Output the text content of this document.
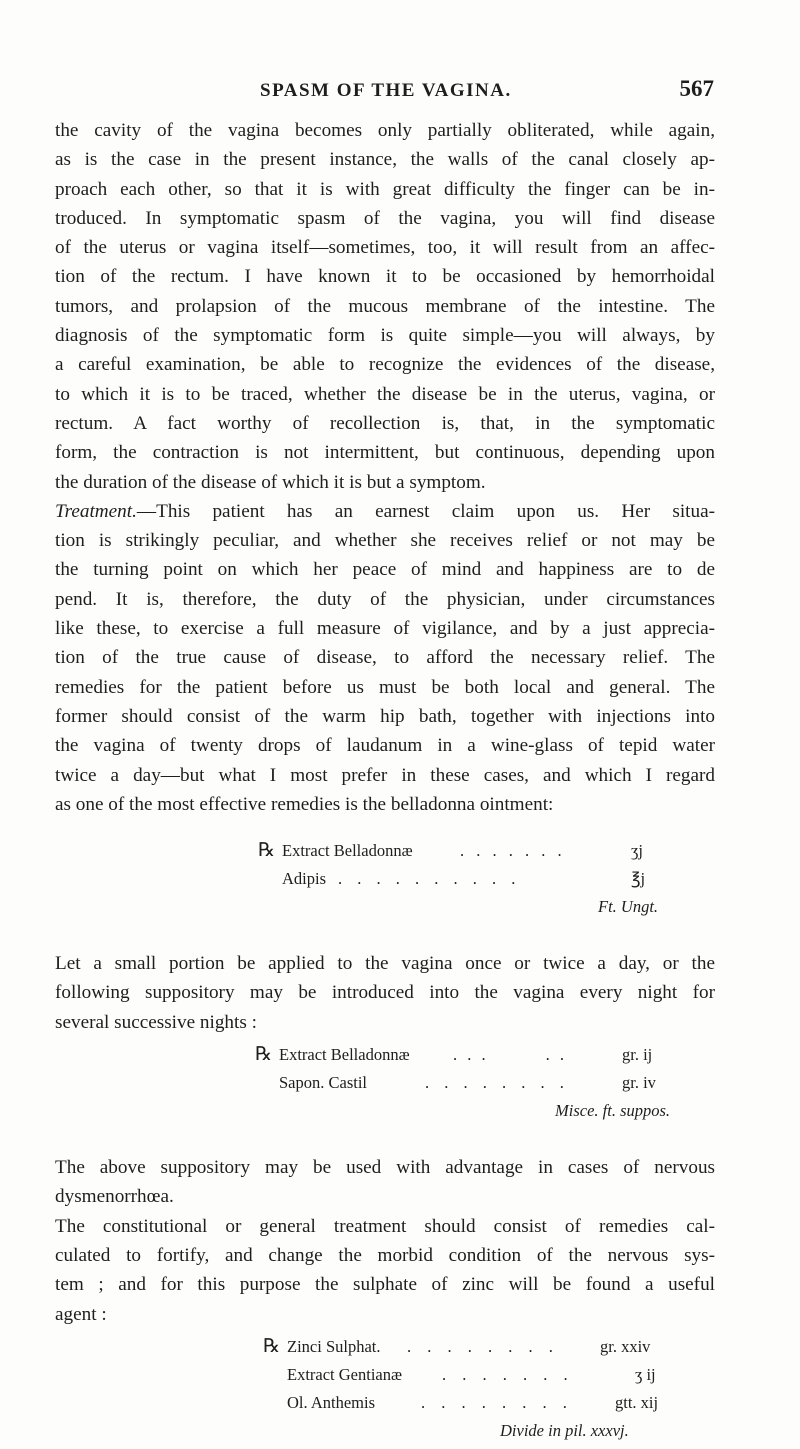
SPASM OF THE VAGINA.	567
the cavity of the vagina becomes only partially obliterated, while again,
as is the case in the present instance, the walls of the canal closely ap-
proach each other, so that it is with great difficulty the finger can be in-
troduced. In symptomatic spasm of the vagina, you will find disease
of the uterus or vagina itself—sometimes, too, it will result from an affec-
tion of the rectum. I have known it to be occasioned by hemorrhoidal
tumors, and prolapsion of the mucous membrane of the intestine. The
diagnosis of the symptomatic form is quite simple—you will always, by
a careful examination, be able to recognize the evidences of the disease,
to which it is to be traced, whether the disease be in the uterus, vagina, or
rectum. A fact worthy of recollection is, that, in the symptomatic
form, the contraction is not intermittent, but continuous, depending upon
the duration of the disease of which it is but a symptom.
Treatment.—This patient has an earnest claim upon us. Her situa-
tion is strikingly peculiar, and whether she receives relief or not may be
the turning point on which her peace of mind and happiness are to de
pend. It is, therefore, the duty of the physician, under circumstances
like these, to exercise a full measure of vigilance, and by a just apprecia-
tion of the true cause of disease, to afford the necessary relief. The
remedies for the patient before us must be both local and general. The
former should consist of the warm hip bath, together with injections into
the vagina of twenty drops of laudanum in a wine-glass of tepid water
twice a day—but what I most prefer in these cases, and which I regard
as one of the most effective remedies is the belladonna ointment:
℞ Extract Belladonnæ	. . . . . . .	ʒj
Adipis . . . . . . . . . .	℥j
Ft. Ungt.
Let a small portion be applied to the vagina once or twice a day, or the
following suppository may be introduced into the vagina every night for
several successive nights :
℞ Extract Belladonnæ	. . .        . .	gr. ij
Sapon. Castil	. . . . . . . .	gr. iv
Misce. ft. suppos.
The above suppository may be used with advantage in cases of nervous
dysmenorrhœa.
The constitutional or general treatment should consist of remedies cal-
culated to fortify, and change the morbid condition of the nervous sys-
tem ; and for this purpose the sulphate of zinc will be found a useful
agent :
℞ Zinci Sulphat. . . . . . . . . gr. xxiv
Extract Gentianæ . . . . . . .	ʒ ij
Ol. Anthemis	. . . . . . . .	gtt. xij
Divide in pil. xxxvj.
